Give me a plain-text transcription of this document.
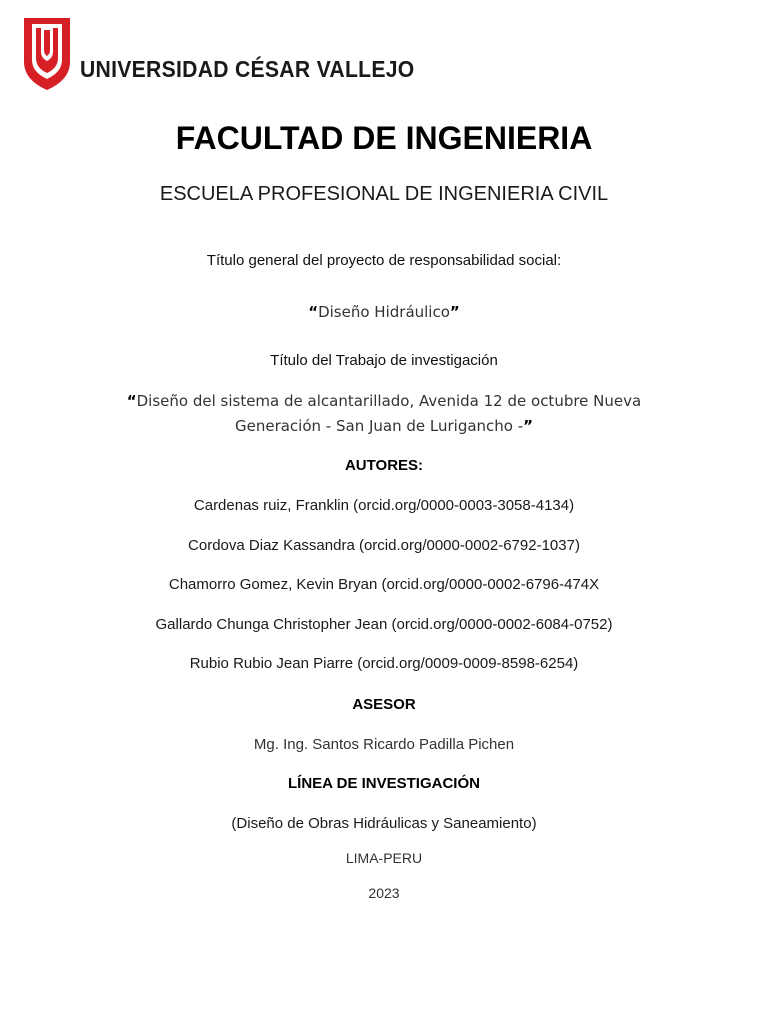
UNIVERSIDAD CÉSAR VALLEJO
FACULTAD DE INGENIERIA
ESCUELA PROFESIONAL DE INGENIERIA CIVIL
Título general del proyecto de responsabilidad social:
“Diseño Hidráulico”
Título del Trabajo de investigación
“Diseño del sistema de alcantarillado, Avenida 12 de octubre Nueva
Generación - San Juan de Lurigancho -”
AUTORES:
Cardenas ruiz, Franklin (orcid.org/0000-0003-3058-4134)
Cordova Diaz Kassandra (orcid.org/0000-0002-6792-1037)
Chamorro Gomez, Kevin Bryan (orcid.org/0000-0002-6796-474X
Gallardo Chunga Christopher Jean (orcid.org/0000-0002-6084-0752)
Rubio Rubio Jean Piarre (orcid.org/0009-0009-8598-6254)
ASESOR
Mg. Ing. Santos Ricardo Padilla Pichen
LÍNEA DE INVESTIGACIÓN
(Diseño de Obras Hidráulicas y Saneamiento)
LIMA-PERU
2023
